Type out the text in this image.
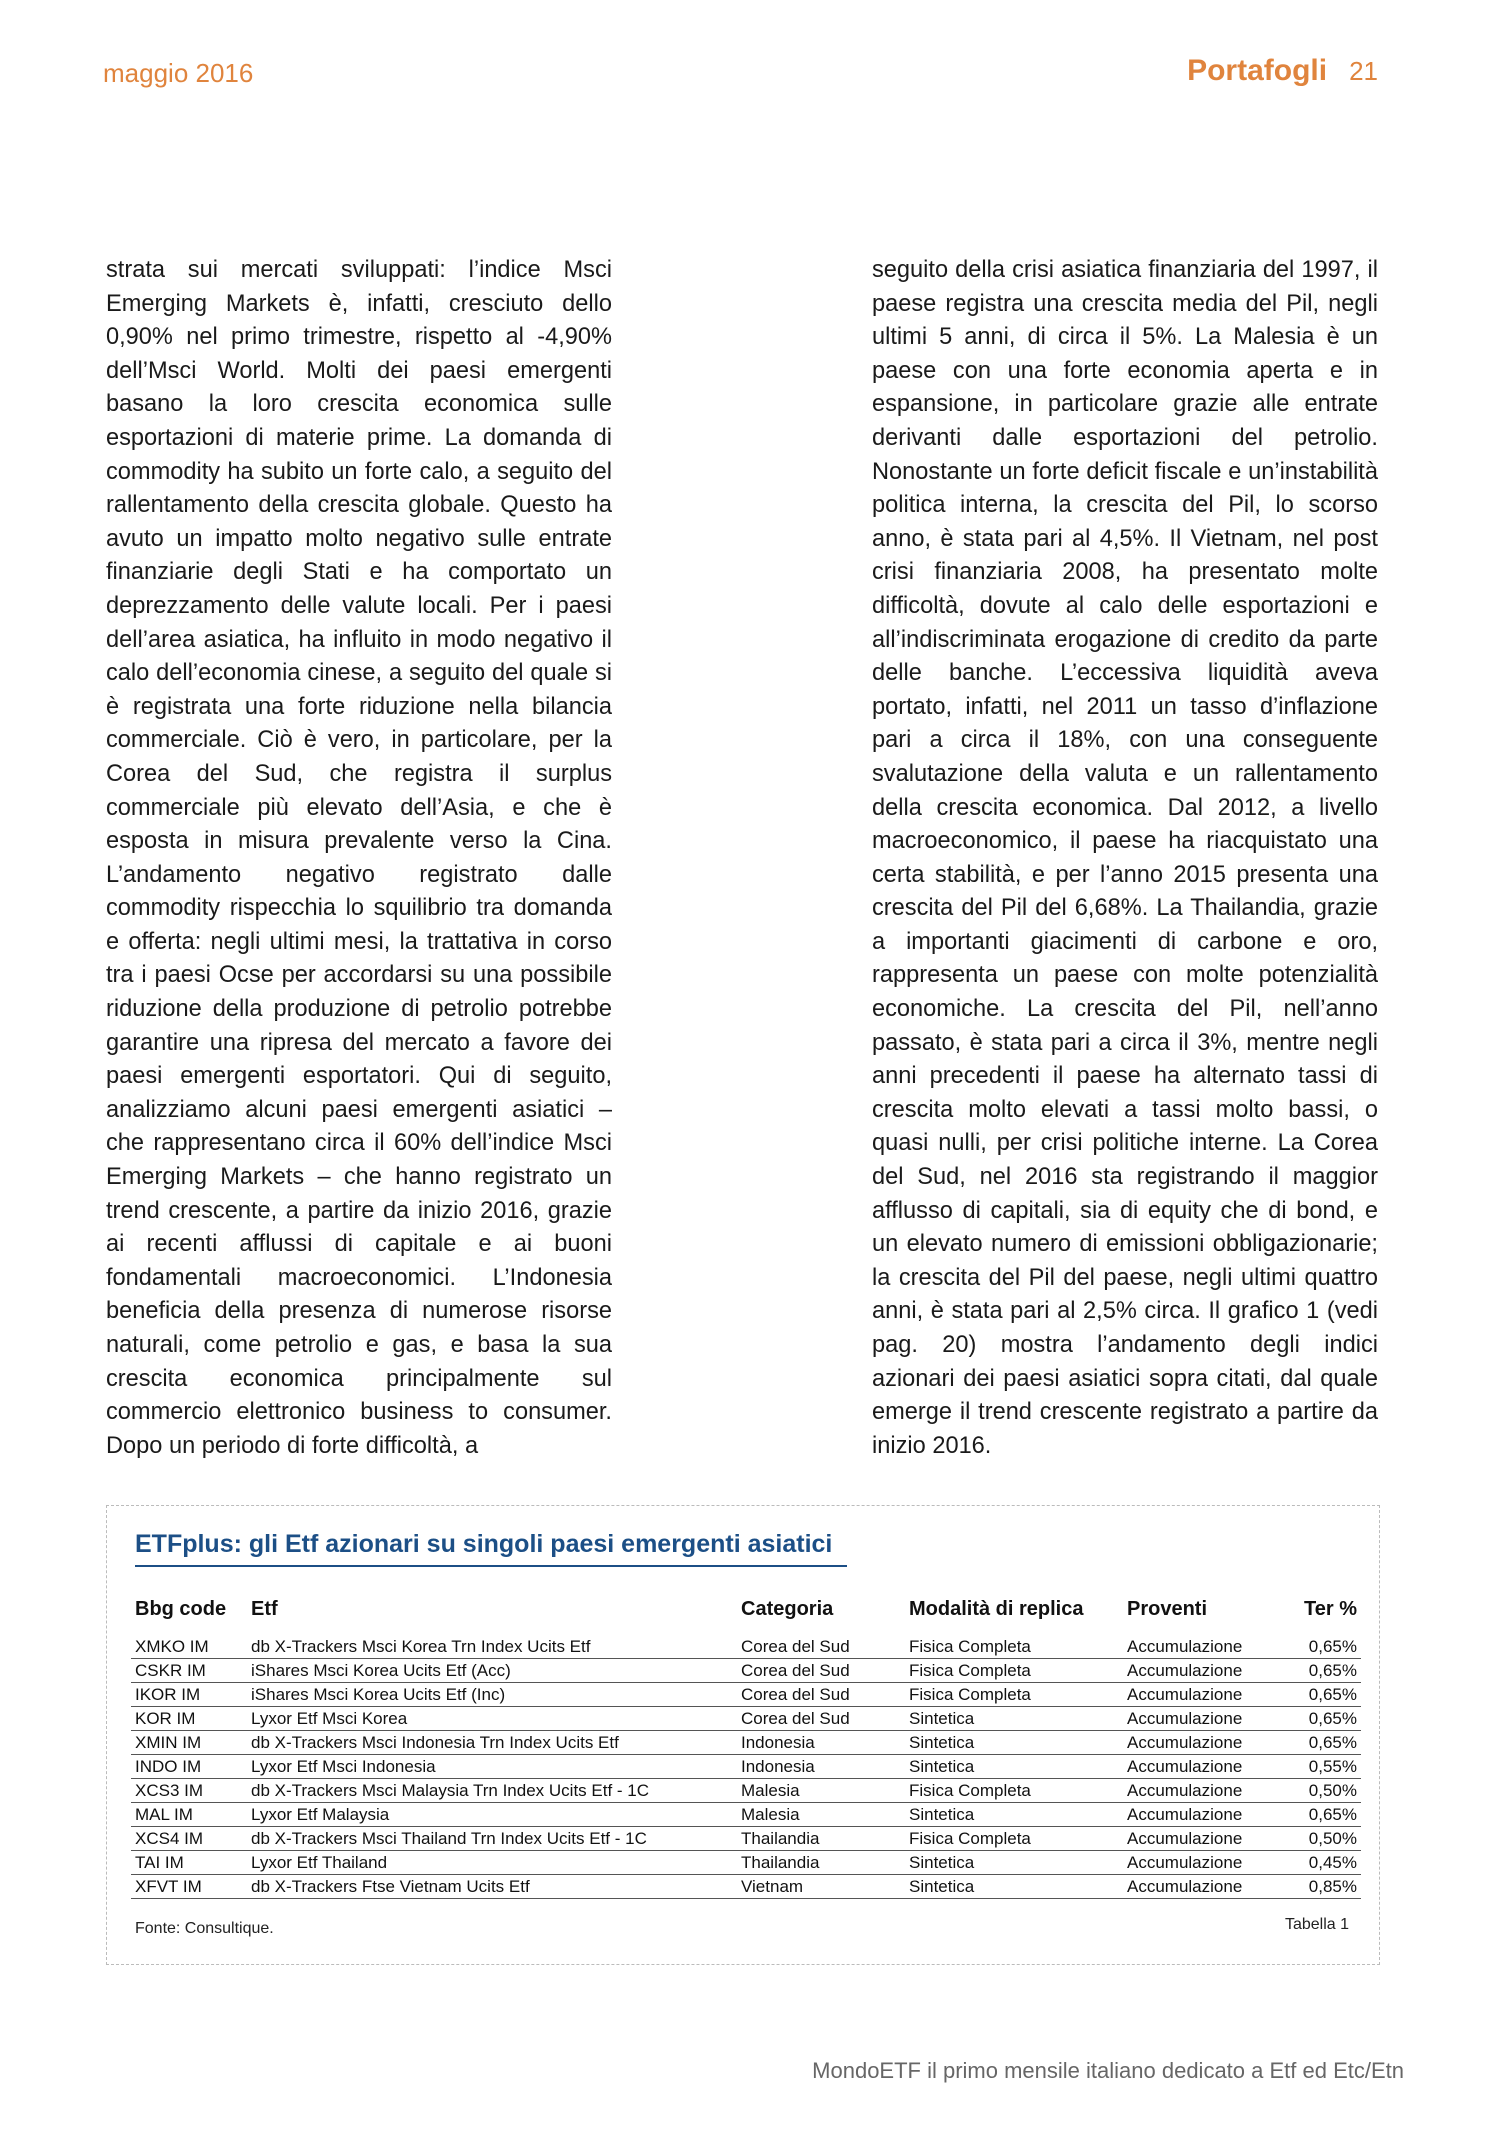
maggio 2016	Portafogli 21

strata sui mercati sviluppati: l’indice Msci Emerging Markets è, infatti, cresciuto dello 0,90% nel primo trimestre, rispetto al -4,90% dell’Msci World. Molti dei paesi emergenti basano la loro crescita economica sulle esportazioni di materie prime. La domanda di commodity ha subito un forte calo, a seguito del rallentamento della crescita globale. Questo ha avuto un impatto molto negativo sulle entrate finanziarie degli Stati e ha comportato un deprezzamento delle valute locali. Per i paesi dell’area asiatica, ha influito in modo negativo il calo dell’economia cinese, a seguito del quale si è registrata una forte riduzione nella bilancia commerciale. Ciò è vero, in particolare, per la Corea del Sud, che registra il surplus commerciale più elevato dell’Asia, e che è esposta in misura prevalente verso la Cina. L’andamento negativo registrato dalle commodity rispecchia lo squilibrio tra domanda e offerta: negli ultimi mesi, la trattativa in corso tra i paesi Ocse per accordarsi su una possibile riduzione della produzione di petrolio potrebbe garantire una ripresa del mercato a favore dei paesi emergenti esportatori. Qui di seguito, analizziamo alcuni paesi emergenti asiatici – che rappresentano circa il 60% dell’indice Msci Emerging Markets – che hanno registrato un trend crescente, a partire da inizio 2016, grazie ai recenti afflussi di capitale e ai buoni fondamentali macroeconomici. L’Indonesia beneficia della presenza di numerose risorse naturali, come petrolio e gas, e basa la sua crescita economica principalmente sul commercio elettronico business to consumer. Dopo un periodo di forte difficoltà, a

seguito della crisi asiatica finanziaria del 1997, il paese registra una crescita media del Pil, negli ultimi 5 anni, di circa il 5%. La Malesia è un paese con una forte economia aperta e in espansione, in particolare grazie alle entrate derivanti dalle esportazioni del petrolio. Nonostante un forte deficit fiscale e un’instabilità politica interna, la crescita del Pil, lo scorso anno, è stata pari al 4,5%. Il Vietnam, nel post crisi finanziaria 2008, ha presentato molte difficoltà, dovute al calo delle esportazioni e all’indiscriminata erogazione di credito da parte delle banche. L’eccessiva liquidità aveva portato, infatti, nel 2011 un tasso d’inflazione pari a circa il 18%, con una conseguente svalutazione della valuta e un rallentamento della crescita economica. Dal 2012, a livello macroeconomico, il paese ha riacquistato una certa stabilità, e per l’anno 2015 presenta una crescita del Pil del 6,68%. La Thailandia, grazie a importanti giacimenti di carbone e oro, rappresenta un paese con molte potenzialità economiche. La crescita del Pil, nell’anno passato, è stata pari a circa il 3%, mentre negli anni precedenti il paese ha alternato tassi di crescita molto elevati a tassi molto bassi, o quasi nulli, per crisi politiche interne. La Corea del Sud, nel 2016 sta registrando il maggior afflusso di capitali, sia di equity che di bond, e un elevato numero di emissioni obbligazionarie; la crescita del Pil del paese, negli ultimi quattro anni, è stata pari al 2,5% circa. Il grafico 1 (vedi pag. 20) mostra l’andamento degli indici azionari dei paesi asiatici sopra citati, dal quale emerge il trend crescente registrato a partire da inizio 2016.

ETFplus: gli Etf azionari su singoli paesi emergenti asiatici
Bbg code	Etf	Categoria	Modalità di replica	Proventi	Ter %
XMKO IM	db X-Trackers Msci Korea Trn Index Ucits Etf	Corea del Sud	Fisica Completa	Accumulazione	0,65%
CSKR IM	iShares Msci Korea Ucits Etf (Acc)	Corea del Sud	Fisica Completa	Accumulazione	0,65%
IKOR IM	iShares Msci Korea Ucits Etf (Inc)	Corea del Sud	Fisica Completa	Accumulazione	0,65%
KOR IM	Lyxor Etf Msci Korea	Corea del Sud	Sintetica	Accumulazione	0,65%
XMIN IM	db X-Trackers Msci Indonesia Trn Index Ucits Etf	Indonesia	Sintetica	Accumulazione	0,65%
INDO IM	Lyxor Etf Msci Indonesia	Indonesia	Sintetica	Accumulazione	0,55%
XCS3 IM	db X-Trackers Msci Malaysia Trn Index Ucits Etf - 1C	Malesia	Fisica Completa	Accumulazione	0,50%
MAL IM	Lyxor Etf Malaysia	Malesia	Sintetica	Accumulazione	0,65%
XCS4 IM	db X-Trackers Msci Thailand Trn Index Ucits Etf - 1C	Thailandia	Fisica Completa	Accumulazione	0,50%
TAI IM	Lyxor Etf Thailand	Thailandia	Sintetica	Accumulazione	0,45%
XFVT IM	db X-Trackers Ftse Vietnam Ucits Etf	Vietnam	Sintetica	Accumulazione	0,85%
Fonte: Consultique.	Tabella 1
MondoETF il primo mensile italiano dedicato a Etf ed Etc/Etn
